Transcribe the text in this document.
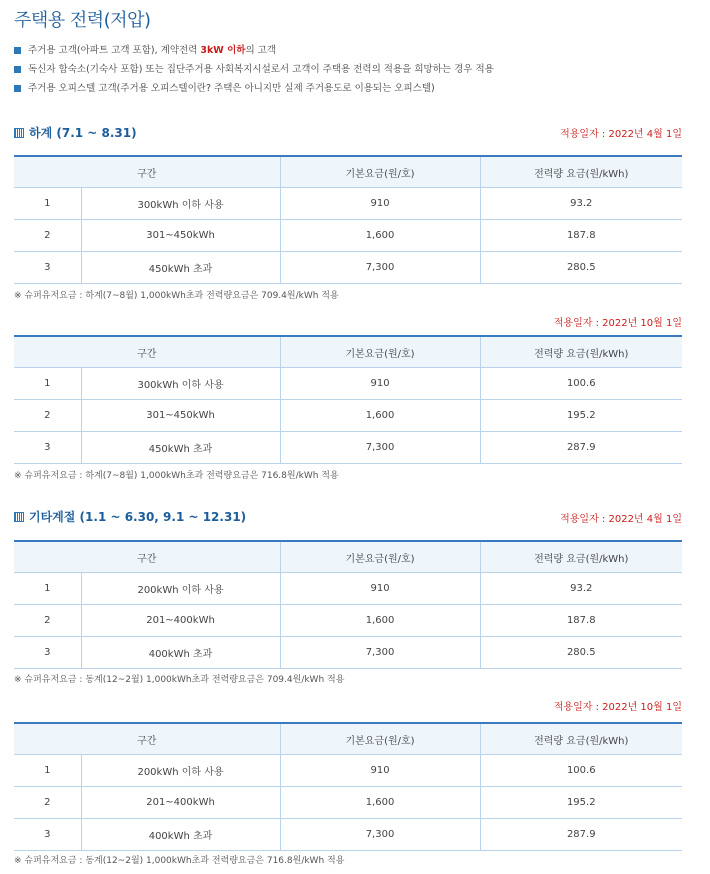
주택용 전력(저압)
주거용 고객(아파트 고객 포함), 계약전력 3kW 이하의 고객
독신자 합숙소(기숙사 포함) 또는 집단주거용 사회복지시설로서 고객이 주택용 전력의 적용을 희망하는 경우 적용
주거용 오피스텔 고객(주거용 오피스텔이란? 주택은 아니지만 실제 주거용도로 이용되는 오피스텔)
하계 (7.1 ~ 8.31)	적용일자 : 2022년 4월 1일
구간		기본요금(원/호)	전력량 요금(원/kWh)
1	300kWh 이하 사용	910	93.2
2	301~450kWh	1,600	187.8
3	450kWh 초과	7,300	280.5
※ 슈퍼유저요금 : 하계(7~8월) 1,000kWh초과 전력량요금은 709.4원/kWh 적용
적용일자 : 2022년 10월 1일
구간		기본요금(원/호)	전력량 요금(원/kWh)
1	300kWh 이하 사용	910	100.6
2	301~450kWh	1,600	195.2
3	450kWh 초과	7,300	287.9
※ 슈퍼유저요금 : 하계(7~8월) 1,000kWh초과 전력량요금은 716.8원/kWh 적용
기타계절 (1.1 ~ 6.30, 9.1 ~ 12.31)	적용일자 : 2022년 4월 1일
구간		기본요금(원/호)	전력량 요금(원/kWh)
1	200kWh 이하 사용	910	93.2
2	201~400kWh	1,600	187.8
3	400kWh 초과	7,300	280.5
※ 슈퍼유저요금 : 동계(12~2월) 1,000kWh초과 전력량요금은 709.4원/kWh 적용
적용일자 : 2022년 10월 1일
구간		기본요금(원/호)	전력량 요금(원/kWh)
1	200kWh 이하 사용	910	100.6
2	201~400kWh	1,600	195.2
3	400kWh 초과	7,300	287.9
※ 슈퍼유저요금 : 동계(12~2월) 1,000kWh초과 전력량요금은 716.8원/kWh 적용
